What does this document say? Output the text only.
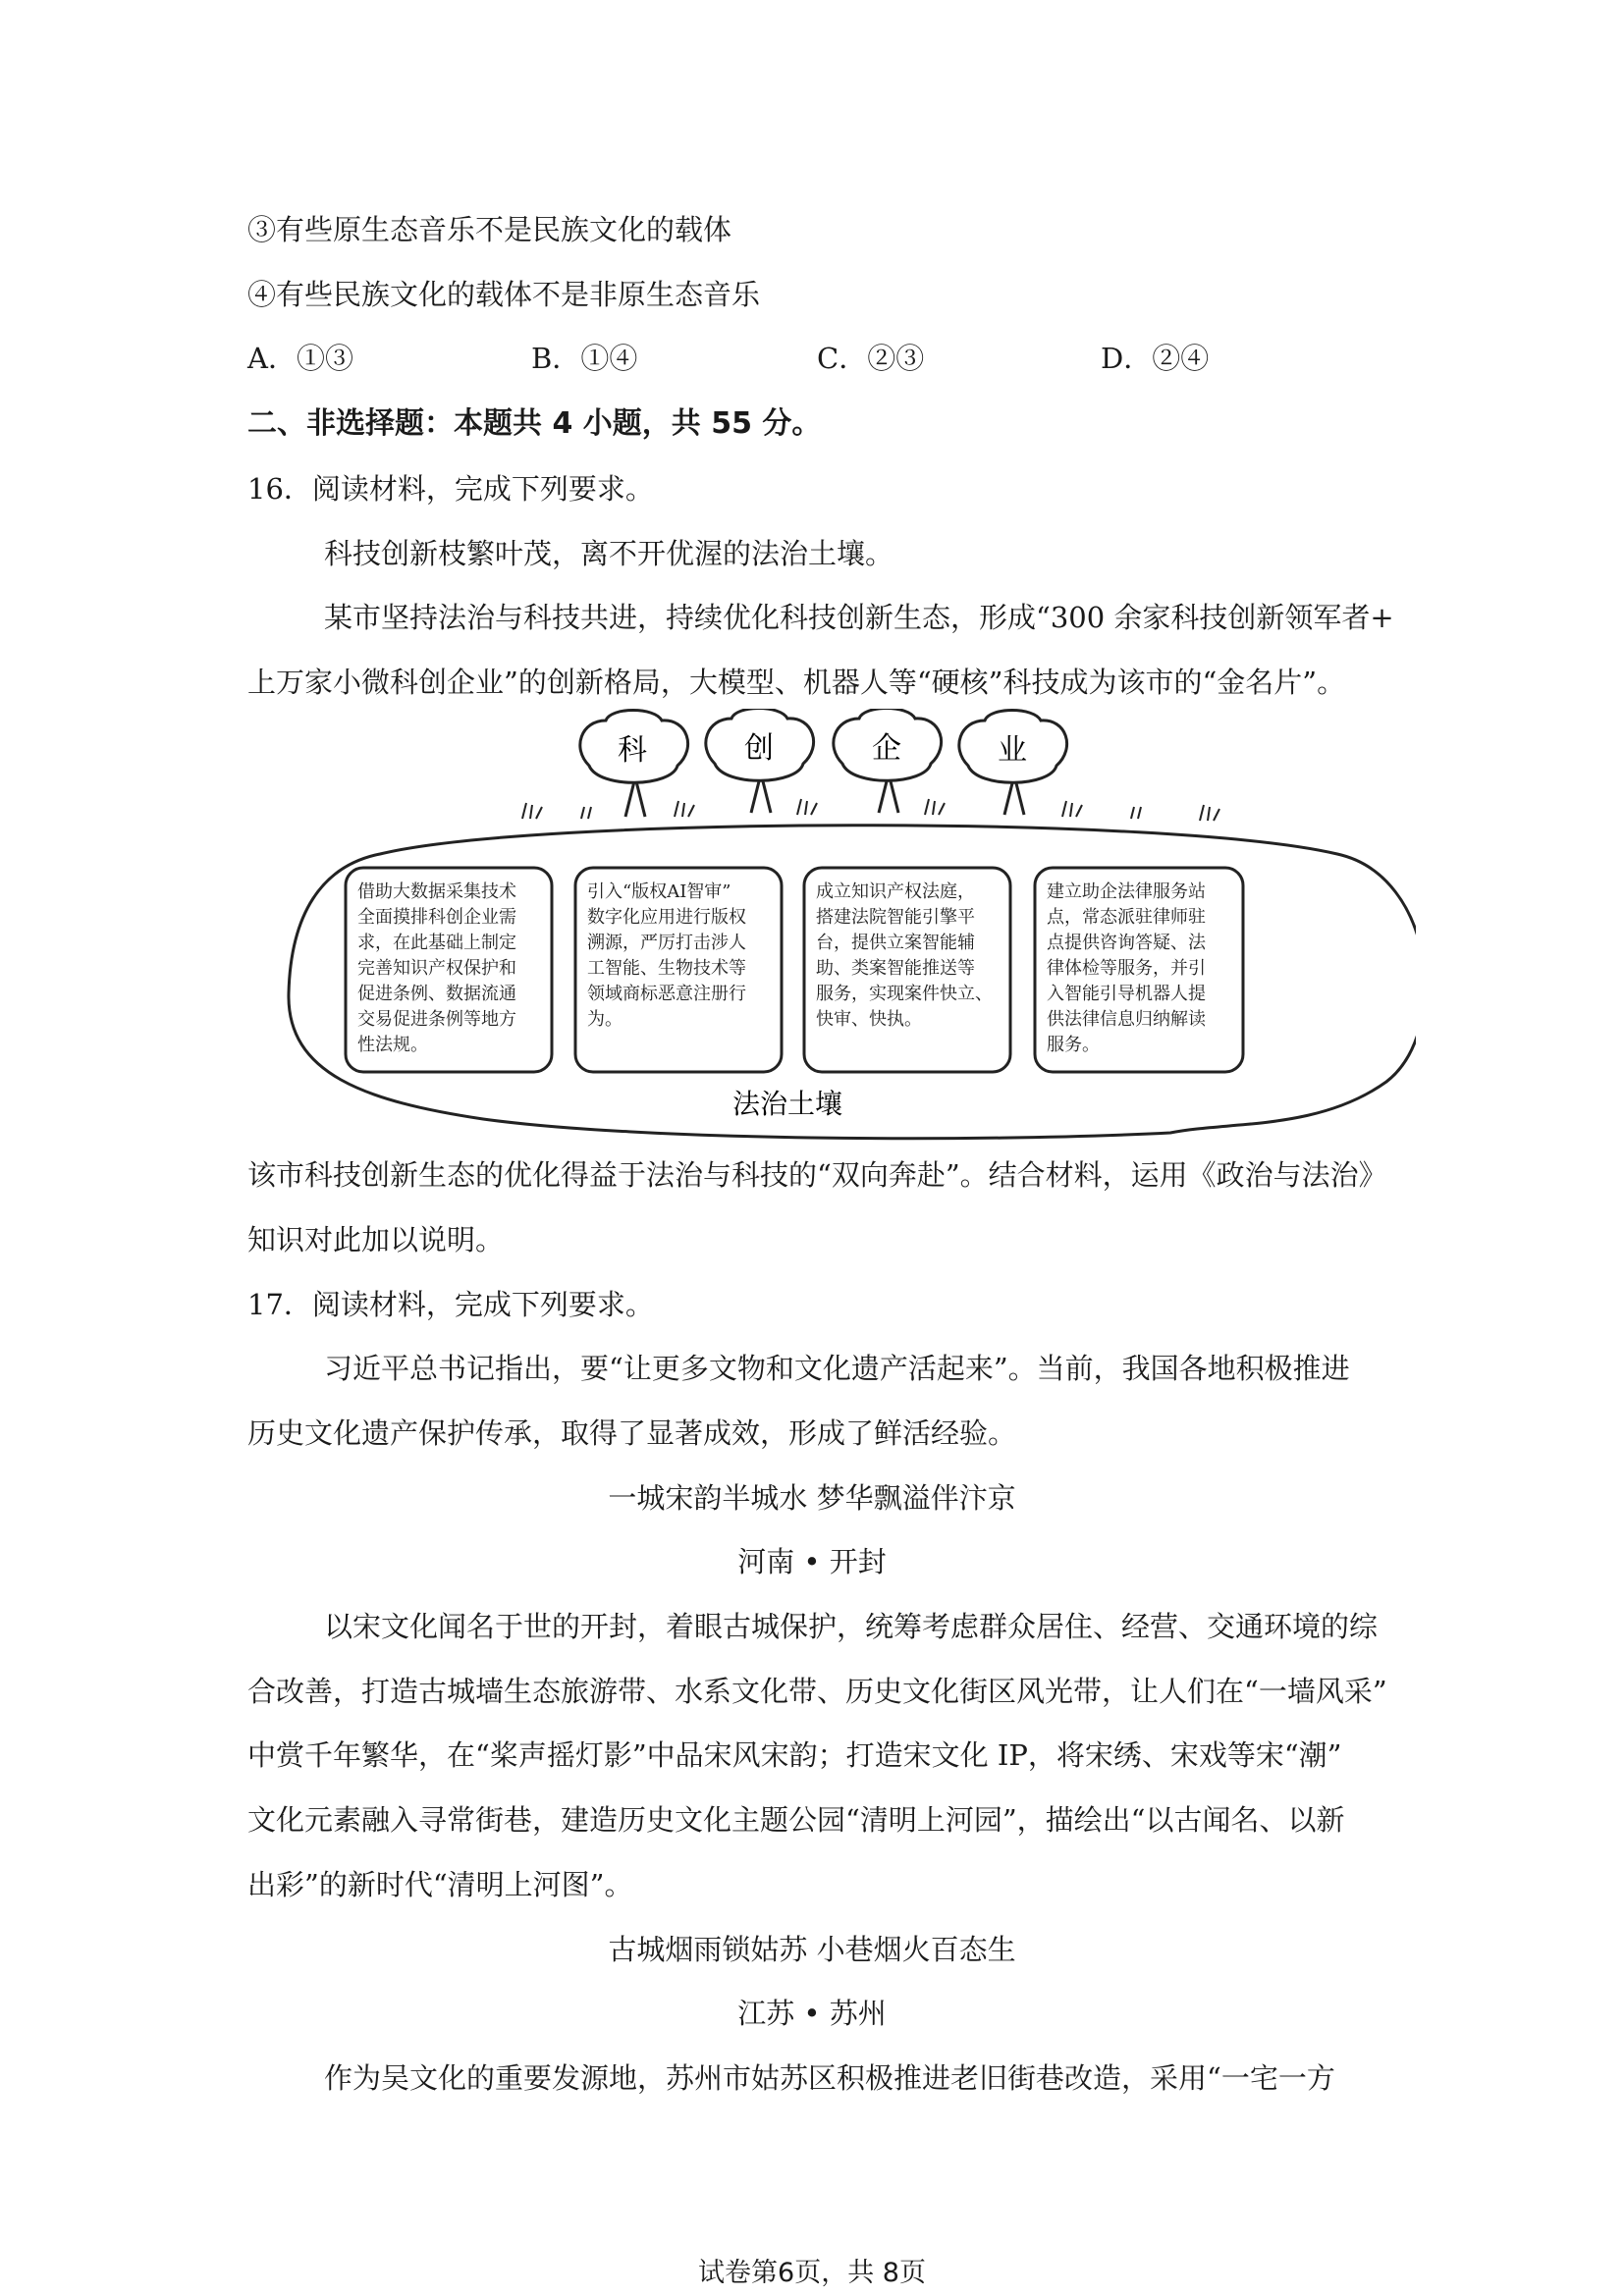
③有些原生态音乐不是民族文化的载体
④有些民族文化的载体不是非原生态音乐
A．①③	B．①④	C．②③	D．②④
二、非选择题：本题共 4 小题，共 55 分。
16．阅读材料，完成下列要求。
科技创新枝繁叶茂，离不开优渥的法治土壤。
某市坚持法治与科技共进，持续优化科技创新生态，形成“300 余家科技创新领军者+
上万家小微科创企业”的创新格局，大模型、机器人等“硬核”科技成为该市的“金名片”。
科	创	企	业
借助大数据采集技术
全面摸排科创企业需
求，在此基础上制定
完善知识产权保护和
促进条例、数据流通
交易促进条例等地方
性法规。
引入“版权AI智审”
数字化应用进行版权
溯源，严厉打击涉人
工智能、生物技术等
领域商标恶意注册行
为。
成立知识产权法庭，
搭建法院智能引擎平
台，提供立案智能辅
助、类案智能推送等
服务，实现案件快立、
快审、快执。
建立助企法律服务站
点，常态派驻律师驻
点提供咨询答疑、法
律体检等服务，并引
入智能引导机器人提
供法律信息归纳解读
服务。
法治土壤
该市科技创新生态的优化得益于法治与科技的“双向奔赴”。结合材料，运用《政治与法治》
知识对此加以说明。
17．阅读材料，完成下列要求。
习近平总书记指出，要“让更多文物和文化遗产活起来”。当前，我国各地积极推进
历史文化遗产保护传承，取得了显著成效，形成了鲜活经验。
一城宋韵半城水 梦华飘溢伴汴京
河南 • 开封
以宋文化闻名于世的开封，着眼古城保护，统筹考虑群众居住、经营、交通环境的综
合改善，打造古城墙生态旅游带、水系文化带、历史文化街区风光带，让人们在“一墙风采”
中赏千年繁华，在“桨声摇灯影”中品宋风宋韵；打造宋文化 IP，将宋绣、宋戏等宋“潮”
文化元素融入寻常街巷，建造历史文化主题公园“清明上河园”，描绘出“以古闻名、以新
出彩”的新时代“清明上河图”。
古城烟雨锁姑苏 小巷烟火百态生
江苏 • 苏州
作为吴文化的重要发源地，苏州市姑苏区积极推进老旧街巷改造，采用“一宅一方
试卷第6页，共 8页
